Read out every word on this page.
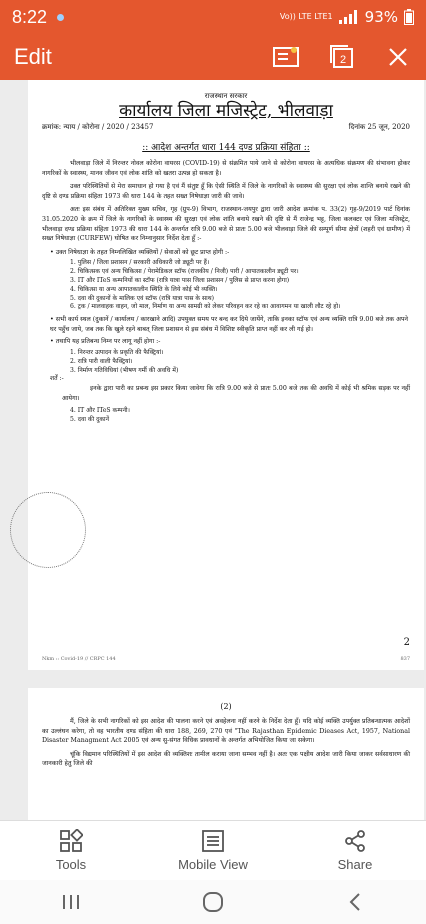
8:22	Vo)) LTE LTE1 93%
Edit	2
राजस्थान सरकार
कार्यालय जिला मजिस्ट्रेट, भीलवाड़ा
क्रमांक: न्याय / कोरोना / 2020 / 23457	दिनांक 25 जून, 2020
:: आदेश अन्तर्गत धारा 144 दण्ड प्रक्रिया संहिता ::

भीलवाड़ा जिले में निरन्तर नोवल कोरोना वायरस (COVID-19) से संक्रमित पाये जाने से कोरोना वायरस के अत्यधिक संक्रमण की संभावना होकर नागरिकों के स्वास्थ्य, मानव जीवन एवं लोक शांति को खतरा उत्पन्न हो सकता है।

उक्त परिस्थितियों से मेरा समाधान हो गया है एवं मैं संतुष्ट हूँ कि ऐसी स्थिति में जिले के नागरिकों के स्वास्थ्य की सुरक्षा एवं लोक शान्ति बनाये रखने की दृष्टि से दण्ड प्रक्रिया संहिता 1973 की धारा 144 के तहत सख्त निषेधाज्ञा जारी की जावे।

अतः इस संबंध में अतिरिक्त मुख्य सचिव, गृह (ग्रुप-9) विभाग, राजस्थान-जयपुर द्वारा जारी आदेश क्रमांक प. 33(2) गृह-9/2019 पार्ट दिनांक 31.05.2020 के क्रम में जिले के नागरिकों के स्वास्थ्य की सुरक्षा एवं लोक शांति बनाये रखने की दृष्टि से मैं राजेन्द्र भट्ट, जिला कलक्टर एवं जिला मजिस्ट्रेट, भीलवाड़ा दण्ड प्रक्रिया संहिता 1973 की धारा 144 के अन्तर्गत रात्रि 9.00 बजे से प्रातः 5.00 बजे भीलवाड़ा जिले की सम्पूर्ण सीमा क्षेत्रों (शहरी एवं ग्रामीण) में सख्त निषेधाज्ञा (CURFEW) घोषित कर निम्नानुसार निर्देश देता हूँ :-

• उक्त निषेधाज्ञा के तहत निम्नलिखित व्यक्तियों / सेवाओं को छूट प्राप्त होगी :-
1. पुलिस / जिला प्रशासन / सरकारी अधिकारी जो ड्यूटी पर हैं।
2. चिकित्सक एवं अन्य चिकित्सा / पेरामेडिकल स्टॉफ (राजकीय / निजी) पारी / आपातकालीन ड्यूटी पर।
3. IT और ITeS कम्पनियों का स्टॉफ (रात्रि यात्रा पास जिला प्रशासन / पुलिस से प्राप्त करना होगा)
4. चिकित्सा या अन्य आपातकालीन स्थिति के लिये कोई भी व्यक्ति।
5. दवा की दुकानों के मालिक एवं स्टॉफ (रात्रि यात्रा पास के साथ)
6. ट्रक / मालवाहक वाहन, जो माल, निर्माण या अन्य सामग्री को लेकर परिवहन कर रहे का आवागमन या खाली लौट रहे हो।
• सभी कार्य स्थल (दुकानें / कार्यालय / कारखाने आदि) उपयुक्त समय पर बन्द कर दिये जायेंगे, ताकि इनका स्टॉफ एवं अन्य व्यक्ति रात्रि 9.00 बजे तक अपने घर पहुँच जाये, जब तक कि खुले रहने बाबत् जिला प्रशासन से इस संबंध में विशिष्ट स्वीकृति प्राप्त नहीं कर ली गई हो।
• तथापि यह प्रतिबन्ध निम्न पर लागू नहीं होगा :-
1. निरन्तर उत्पादन के प्रकृति की फैक्ट्रियां।
2. रात्रि पारी वाली फैक्ट्रियां।
3. निर्माण गतिविधियां (भीषण गर्मी की अवधि में)
शर्तें :-

इनके द्वारा पारी का प्रबन्ध इस प्रकार किया जावेगा कि रात्रि 9.00 बजे से प्रातः 5.00 बजे तक की अवधि में कोई भी श्रमिक सड़क पर नहीं आयेगा।

4. IT और ITeS कम्पनी।
5. दवा की दुकानें
2
Nkm :: Covid-19 // CRPC 144	837
(2)

मैं, जिले के सभी नागरिकों को इस आदेश की पालना करने एवं अवहेलना नहीं करने के निर्देश देता हूँ। यदि कोई व्यक्ति उपर्युक्त प्रतिबन्धात्मक आदेशों का उल्लंघन करेगा, तो वह भारतीय दण्ड संहिता की धारा 188, 269, 270 एवं "The Rajasthan Epidemic Dieases Act, 1957, National Disaster Managment Act 2005 एवं अन्य सु-संगत विधिक प्रावधानों के अन्तर्गत अभियोजित किया जा सकेगा।

चूंकि विद्यमान परिस्थितियों में इस आदेश की व्यक्तिशः तामील कराया जाना सम्भव नहीं है। अतः एक पक्षीय आदेश जारी किया जाकर सर्वसाधारण की जानकारी हेतु जिले की

Tools	Mobile View	Share
